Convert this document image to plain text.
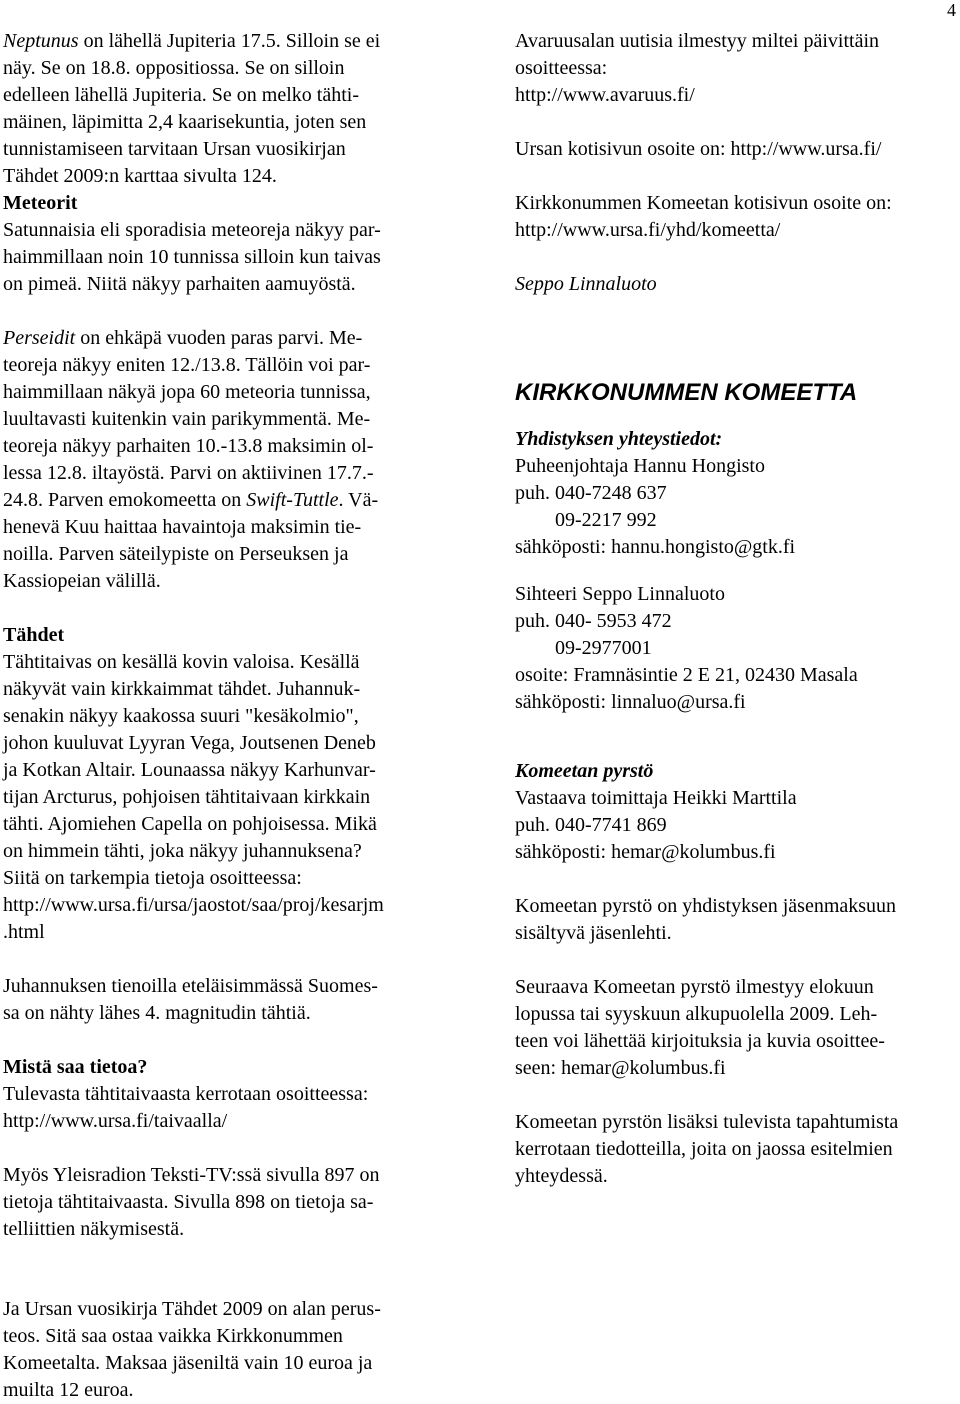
4

Neptunus on lähellä Jupiteria 17.5. Silloin se ei
näy. Se on 18.8. oppositiossa. Se on silloin
edelleen lähellä Jupiteria. Se on melko tähti-
mäinen, läpimitta 2,4 kaarisekuntia, joten sen
tunnistamiseen tarvitaan Ursan vuosikirjan
Tähdet 2009:n karttaa sivulta 124.

Meteorit
Satunnaisia eli sporadisia meteoreja näkyy par-
haimmillaan noin 10 tunnissa silloin kun taivas
on pimeä. Niitä näkyy parhaiten aamuyöstä.

Perseidit on ehkäpä vuoden paras parvi. Me-
teoreja näkyy eniten 12./13.8. Tällöin voi par-
haimmillaan näkyä jopa 60 meteoria tunnissa,
luultavasti kuitenkin vain parikymmentä. Me-
teoreja näkyy parhaiten 10.-13.8 maksimin ol-
lessa 12.8. iltayöstä. Parvi on aktiivinen 17.7.-
24.8. Parven emokomeetta on Swift-Tuttle. Vä-
henevä Kuu haittaa havaintoja maksimin tie-
noilla. Parven säteilypiste on Perseuksen ja
Kassiopeian välillä.

Tähdet
Tähtitaivas on kesällä kovin valoisa. Kesällä
näkyvät vain kirkkaimmat tähdet. Juhannuk-
senakin näkyy kaakossa suuri "kesäkolmio",
johon kuuluvat Lyyran Vega, Joutsenen Deneb
ja Kotkan Altair. Lounaassa näkyy Karhunvar-
tijan Arcturus, pohjoisen tähtitaivaan kirkkain
tähti. Ajomiehen Capella on pohjoisessa. Mikä
on himmein tähti, joka näkyy juhannuksena?
Siitä on tarkempia tietoja osoitteessa:
http://www.ursa.fi/ursa/jaostot/saa/proj/kesarjm
.html

Juhannuksen tienoilla eteläisimmässä Suomes-
sa on nähty lähes 4. magnitudin tähtiä.

Mistä saa tietoa?
Tulevasta tähtitaivaasta kerrotaan osoitteessa:
http://www.ursa.fi/taivaalla/

Myös Yleisradion Teksti-TV:ssä sivulla 897 on
tietoja tähtitaivaasta. Sivulla 898 on tietoja sa-
telliittien näkymisestä.

Ja Ursan vuosikirja Tähdet 2009 on alan perus-
teos. Sitä saa ostaa vaikka Kirkkonummen
Komeetalta. Maksaa jäseniltä vain 10 euroa ja
muilta 12 euroa.

Avaruusalan uutisia ilmestyy miltei päivittäin
osoitteessa:
http://www.avaruus.fi/

Ursan kotisivun osoite on: http://www.ursa.fi/

Kirkkonummen Komeetan kotisivun osoite on:
http://www.ursa.fi/yhd/komeetta/

Seppo Linnaluoto

KIRKKONUMMEN KOMEETTA

Yhdistyksen yhteystiedot:
Puheenjohtaja Hannu Hongisto
puh. 040-7248 637
09-2217 992
sähköposti: hannu.hongisto@gtk.fi

Sihteeri Seppo Linnaluoto
puh. 040- 5953 472
09-2977001
osoite: Framnäsintie 2 E 21, 02430 Masala
sähköposti: linnaluo@ursa.fi

Komeetan pyrstö
Vastaava toimittaja Heikki Marttila
puh. 040-7741 869
sähköposti: hemar@kolumbus.fi

Komeetan pyrstö on yhdistyksen jäsenmaksuun
sisältyvä jäsenlehti.

Seuraava Komeetan pyrstö ilmestyy elokuun
lopussa tai syyskuun alkupuolella 2009. Leh-
teen voi lähettää kirjoituksia ja kuvia osoittee-
seen: hemar@kolumbus.fi

Komeetan pyrstön lisäksi tulevista tapahtumista
kerrotaan tiedotteilla, joita on jaossa esitelmien
yhteydessä.
